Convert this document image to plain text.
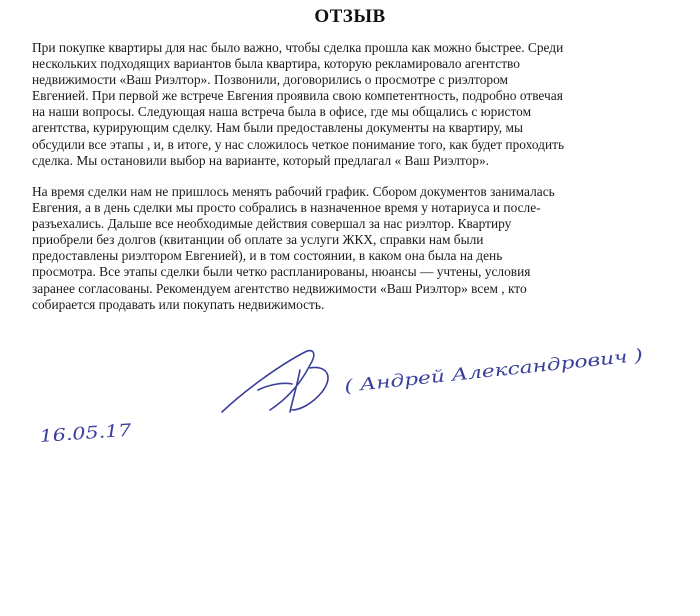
ОТЗЫВ
При покупке квартиры для нас было важно, чтобы сделка прошла как можно быстрее. Среди
нескольких подходящих вариантов была квартира, которую рекламировало агентство
недвижимости «Ваш Риэлтор». Позвонили, договорились о просмотре с риэлтором
Евгенией. При первой же встрече Евгения проявила свою компетентность, подробно отвечая
на наши вопросы. Следующая наша встреча была в офисе, где мы общались с юристом
агентства, курирующим сделку. Нам были предоставлены документы на квартиру, мы
обсудили все этапы , и, в итоге, у нас сложилось четкое понимание того, как будет проходить
сделка. Мы остановили выбор на варианте, который предлагал « Ваш Риэлтор».
На время сделки нам не пришлось менять рабочий график. Сбором документов занималась
Евгения, а в день сделки мы просто собрались в назначенное время у нотариуса и после-
разъехались. Дальше все необходимые действия совершал за нас риэлтор. Квартиру
приобрели без долгов (квитанции об оплате за услуги ЖКХ, справки нам были
предоставлены риэлтором Евгенией), и в том состоянии, в каком она была на день
просмотра. Все этапы сделки были четко распланированы, нюансы — учтены, условия
заранее согласованы. Рекомендуем агентство недвижимости «Ваш Риэлтор» всем , кто
собирается продавать или покупать недвижимость.
( Андрей Александрович )
16.05.17
